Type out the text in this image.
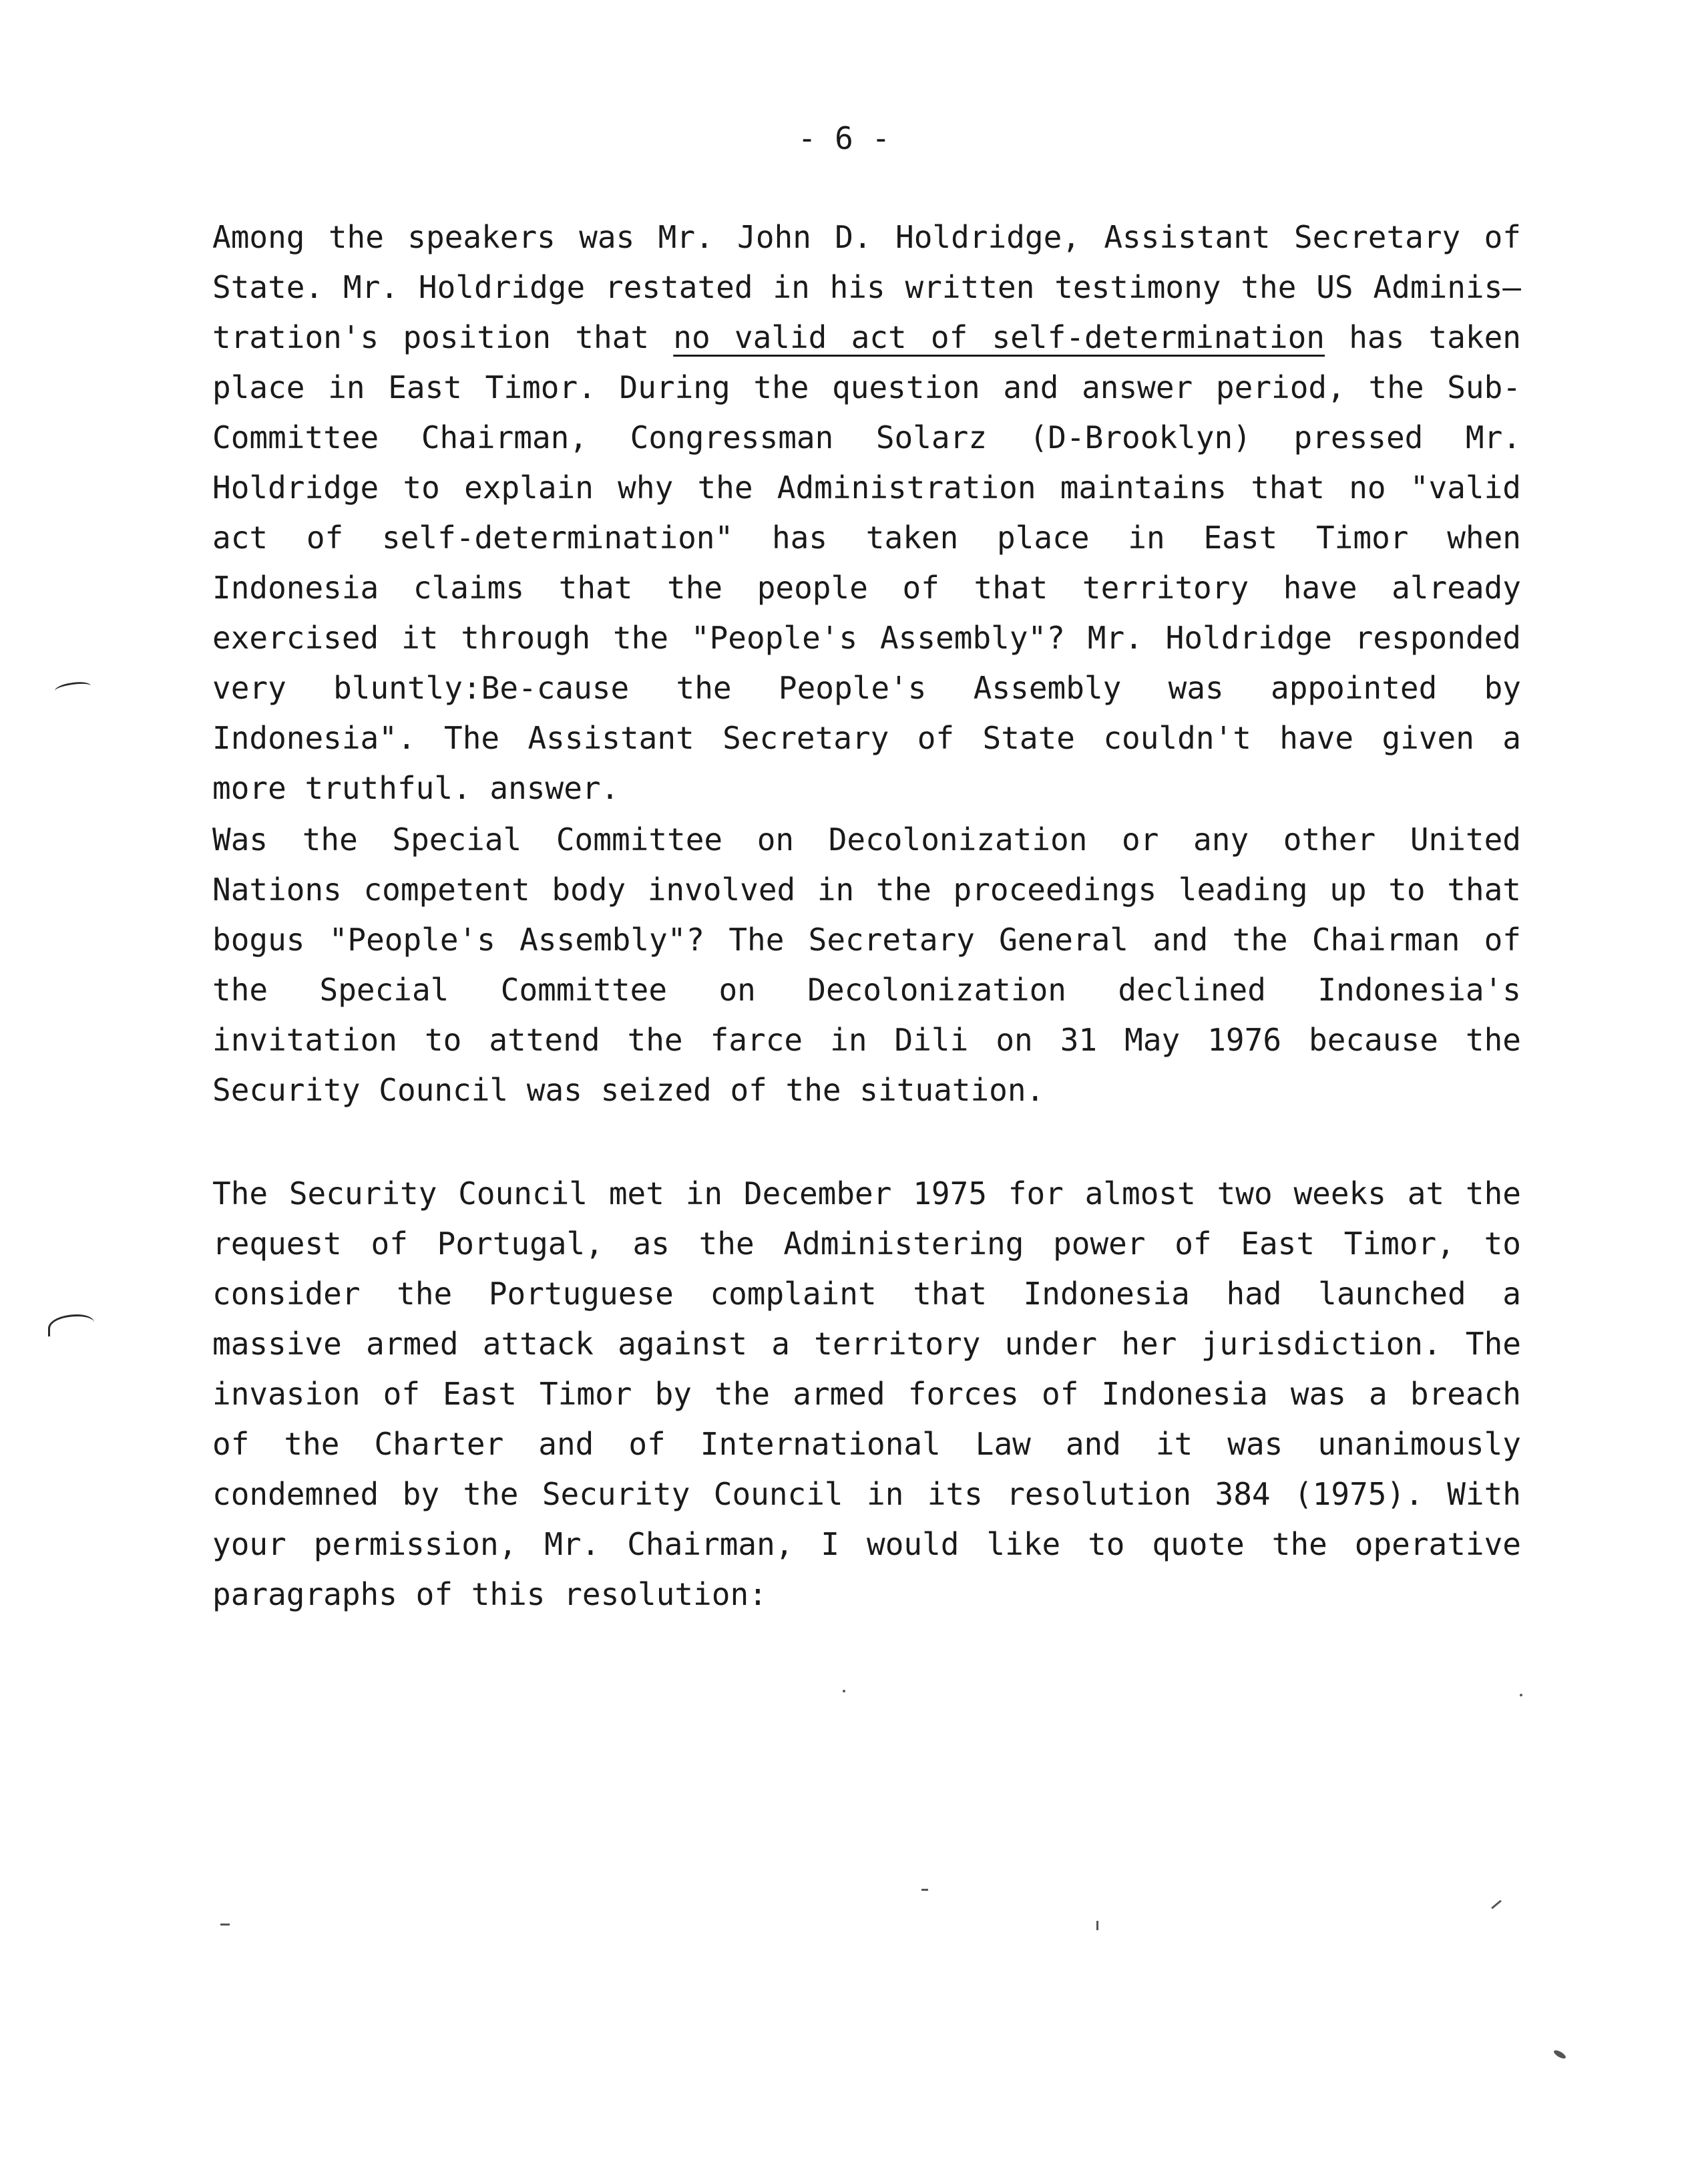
- 6 -

Among the speakers was Mr. John D. Holdridge, Assistant Secretary of State. Mr. Holdridge restated in his written testimony the US Adminis–tration's position that no valid act of self-determination has taken place in East Timor. During the question and answer period, the Sub-Committee Chairman, Congressman Solarz (D-Brooklyn) pressed Mr. Holdridge to explain why the Administration maintains that no "valid act of self-determination" has taken place in East Timor when Indonesia claims that the people of that territory have already exercised it through the "People's Assembly"? Mr. Holdridge responded very bluntly:Be-cause the People's Assembly was appointed by Indonesia". The Assistant Secretary of State couldn't have given a more truthful. answer.

Was the Special Committee on Decolonization or any other United Nations competent body involved in the proceedings leading up to that bogus "People's Assembly"? The Secretary General and the Chairman of the Special Committee on Decolonization declined Indonesia's invitation to attend the farce in Dili on 31 May 1976 because the Security Council was seized of the situation.

The Security Council met in December 1975 for almost two weeks at the request of Portugal, as the Administering power of East Timor, to consider the Portuguese complaint that Indonesia had launched a massive armed attack against a territory under her jurisdiction. The invasion of East Timor by the armed forces of Indonesia was a breach of the Charter and of International Law and it was unanimously condemned by the Security Council in its resolution 384 (1975). With your permission, Mr. Chairman, I would like to quote the operative paragraphs of this resolution:
